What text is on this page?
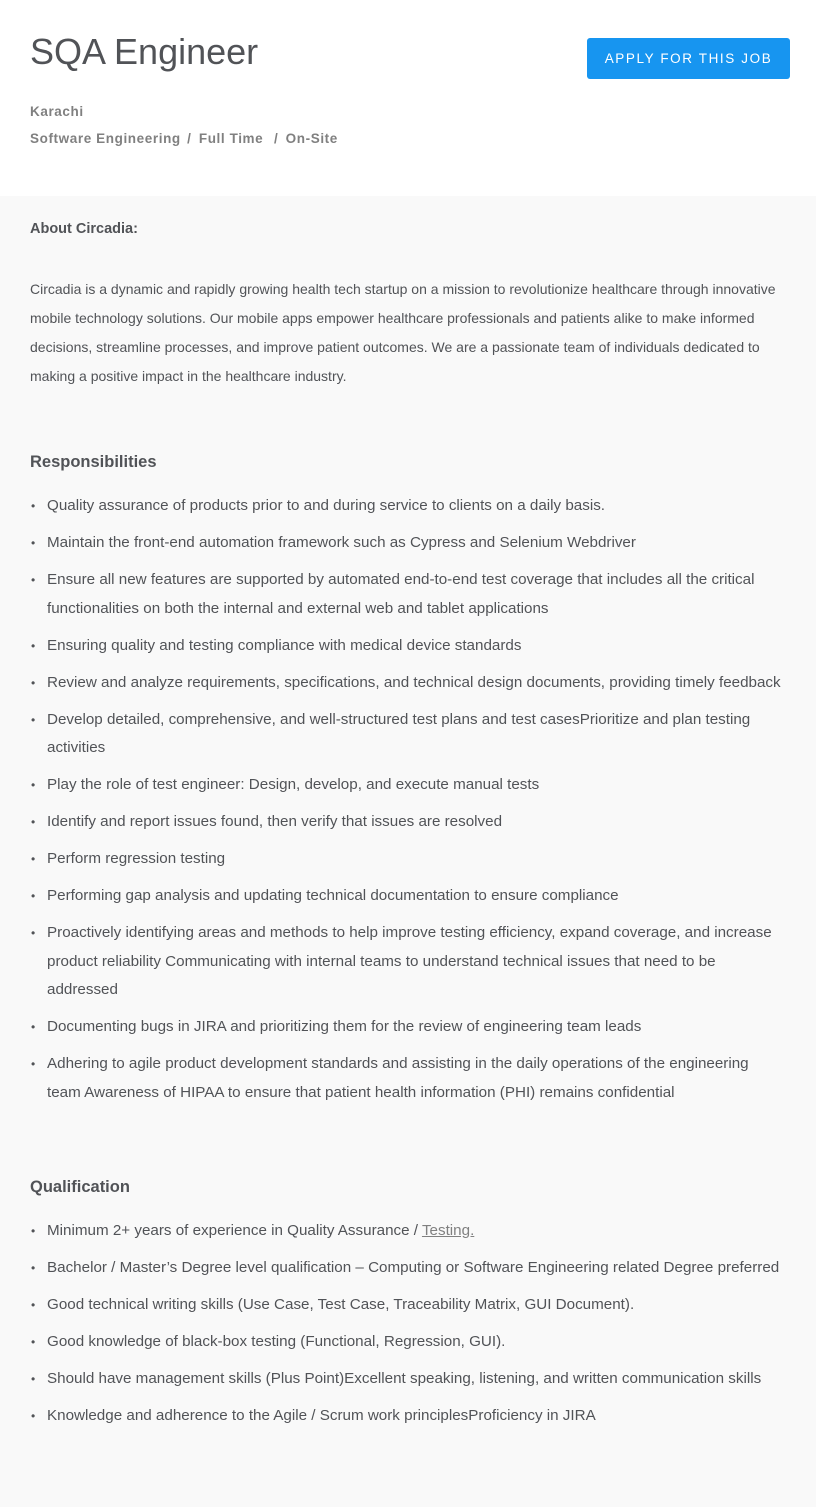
SQA Engineer	APPLY FOR THIS JOB
Karachi
Software Engineering / Full Time  / On-Site
About Circadia:
Circadia is a dynamic and rapidly growing health tech startup on a mission to revolutionize healthcare through innovative mobile technology solutions. Our mobile apps empower healthcare professionals and patients alike to make informed decisions, streamline processes, and improve patient outcomes. We are a passionate team of individuals dedicated to making a positive impact in the healthcare industry.
Responsibilities
• Quality assurance of products prior to and during service to clients on a daily basis.
• Maintain the front-end automation framework such as Cypress and Selenium Webdriver
• Ensure all new features are supported by automated end-to-end test coverage that includes all the critical functionalities on both the internal and external web and tablet applications
• Ensuring quality and testing compliance with medical device standards
• Review and analyze requirements, specifications, and technical design documents, providing timely feedback
• Develop detailed, comprehensive, and well-structured test plans and test casesPrioritize and plan testing activities
• Play the role of test engineer: Design, develop, and execute manual tests
• Identify and report issues found, then verify that issues are resolved
• Perform regression testing
• Performing gap analysis and updating technical documentation to ensure compliance
• Proactively identifying areas and methods to help improve testing efficiency, expand coverage, and increase product reliability Communicating with internal teams to understand technical issues that need to be addressed
• Documenting bugs in JIRA and prioritizing them for the review of engineering team leads
• Adhering to agile product development standards and assisting in the daily operations of the engineering team Awareness of HIPAA to ensure that patient health information (PHI) remains confidential
Qualification
• Minimum 2+ years of experience in Quality Assurance / Testing.
• Bachelor / Master’s Degree level qualification – Computing or Software Engineering related Degree preferred
• Good technical writing skills (Use Case, Test Case, Traceability Matrix, GUI Document).
• Good knowledge of black-box testing (Functional, Regression, GUI).
• Should have management skills (Plus Point)Excellent speaking, listening, and written communication skills
• Knowledge and adherence to the Agile / Scrum work principlesProficiency in JIRA
